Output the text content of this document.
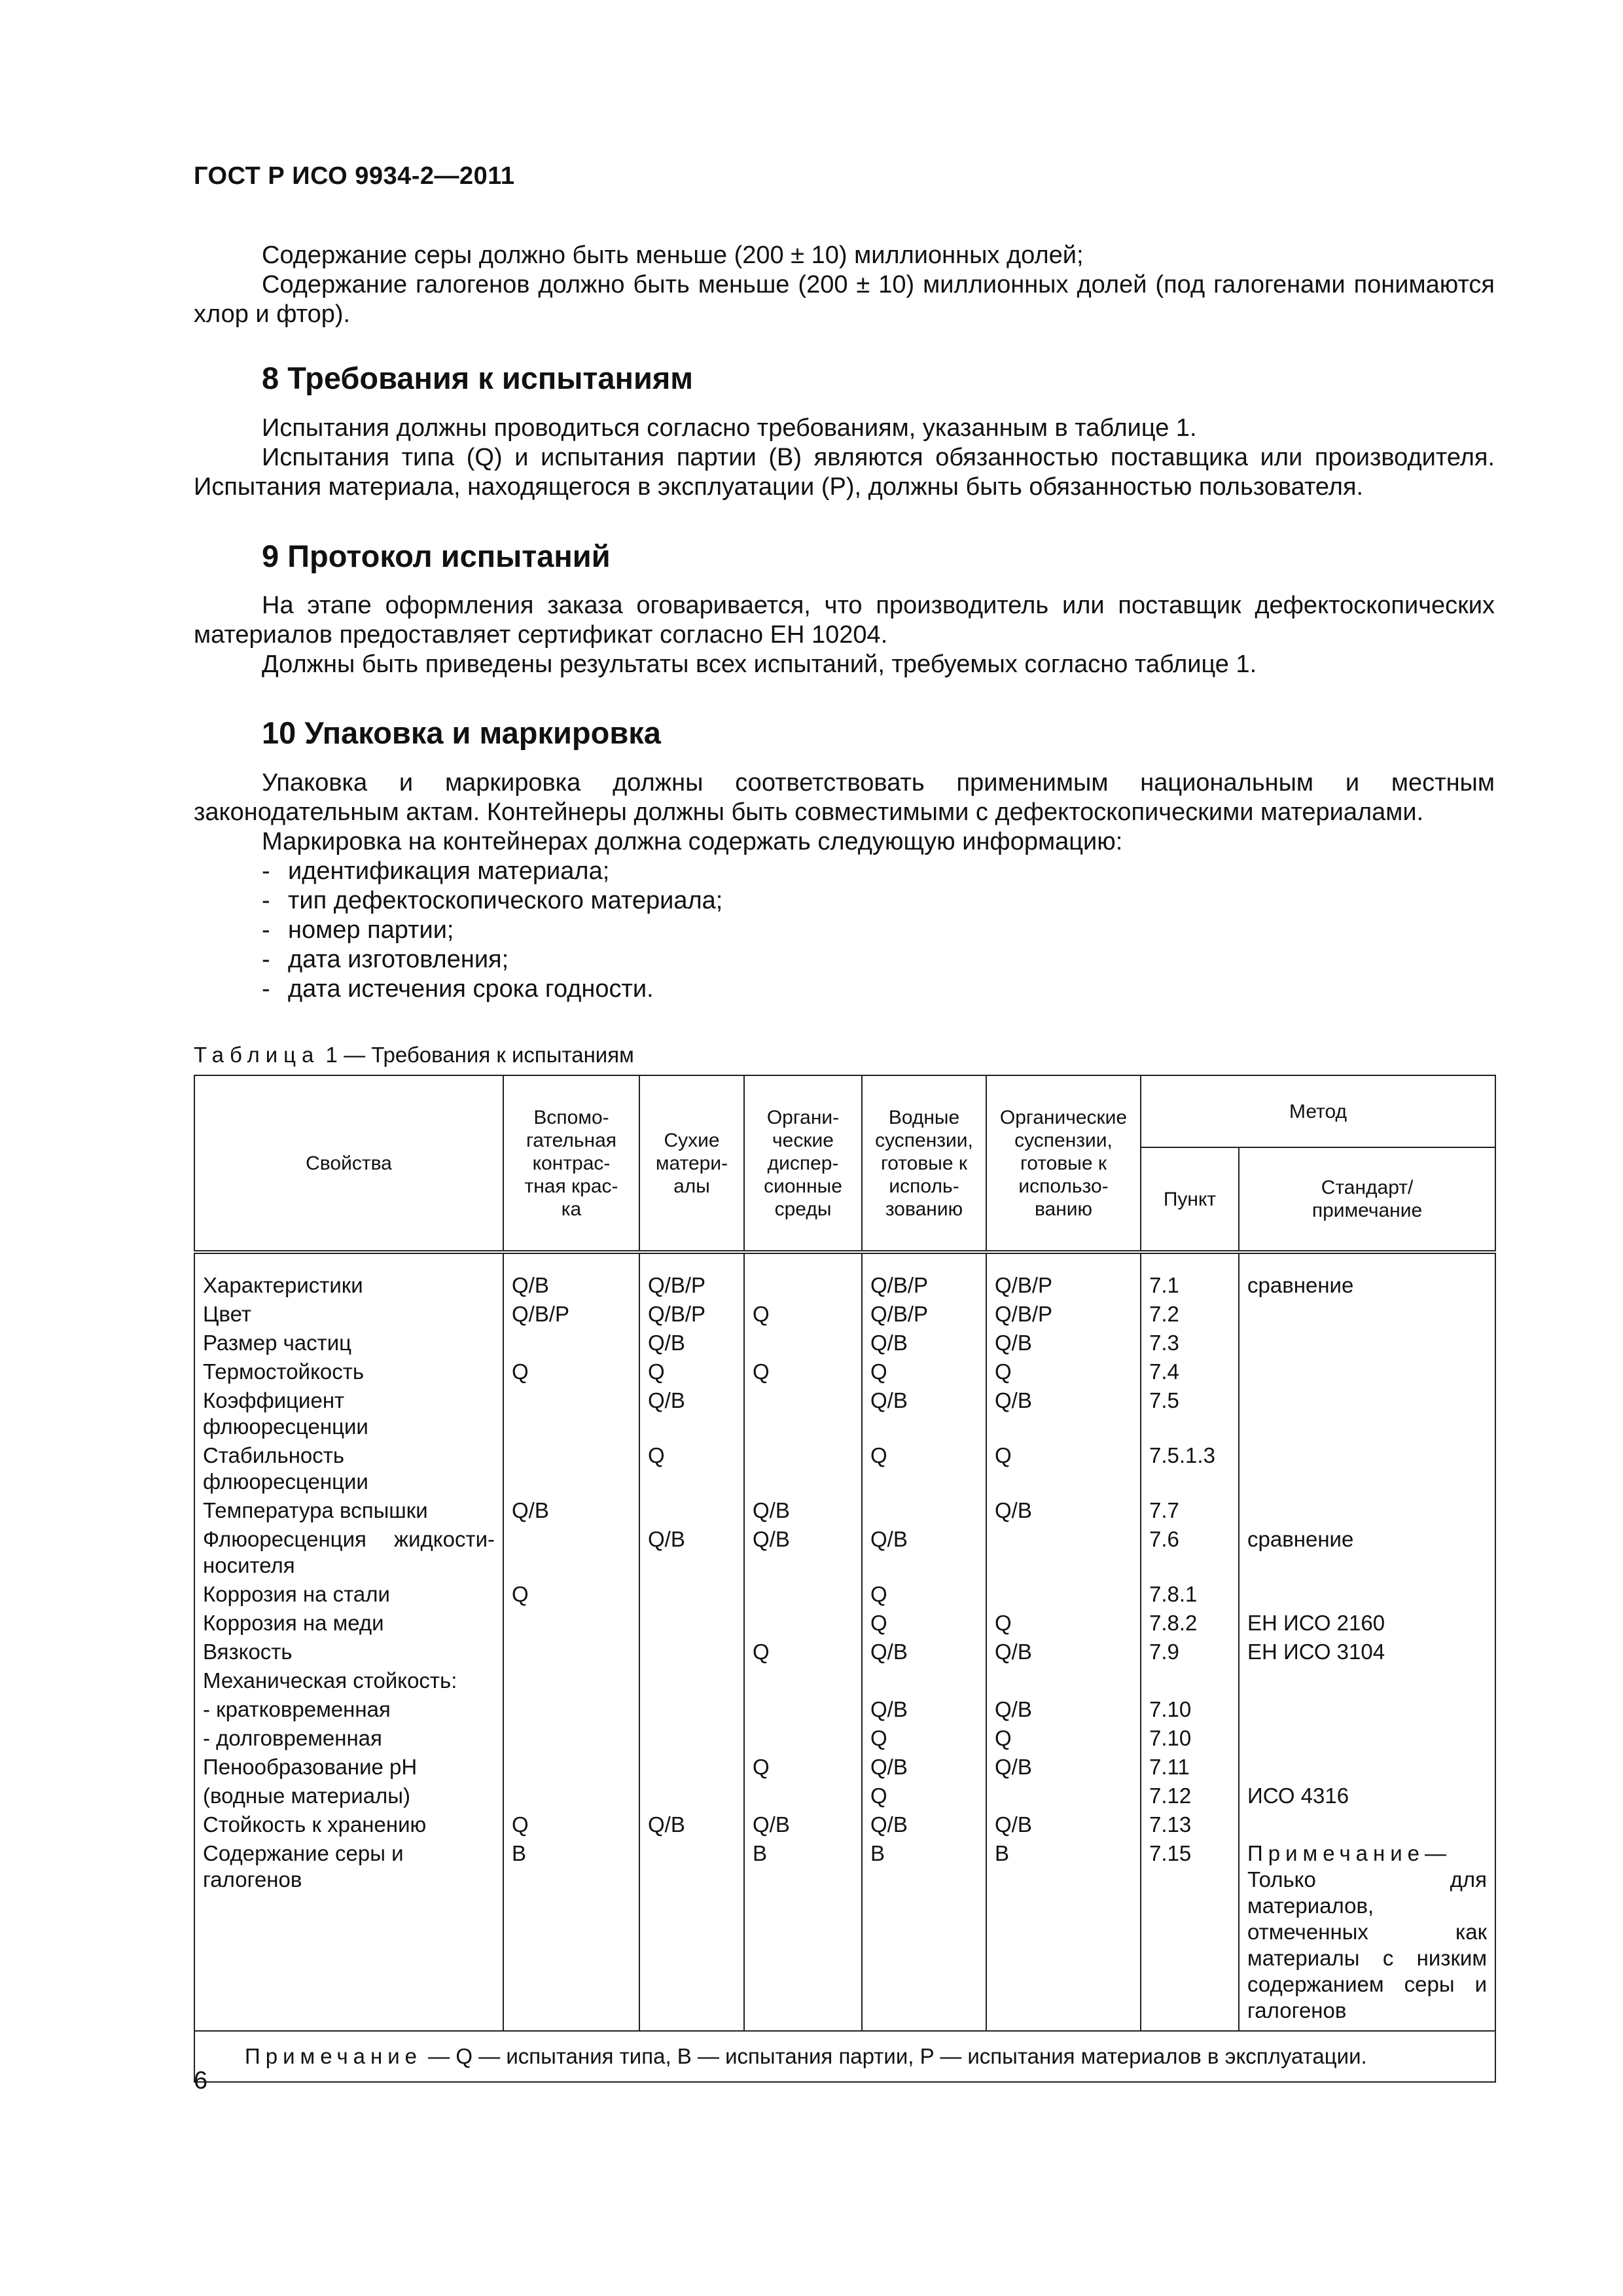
ГОСТ Р ИСО 9934-2—2011

Содержание серы должно быть меньше (200 ± 10) миллионных долей;

Содержание галогенов должно быть меньше (200 ± 10) миллионных долей (под галогенами понимаются хлор и фтор).

8 Требования к испытаниям

Испытания должны проводиться согласно требованиям, указанным в таблице 1.

Испытания типа (Q) и испытания партии (B) являются обязанностью поставщика или производителя. Испытания материала, находящегося в эксплуатации (P), должны быть обязанностью пользователя.

9 Протокол испытаний

На этапе оформления заказа оговаривается, что производитель или поставщик дефектоскопических материалов предоставляет сертификат согласно ЕН 10204.

Должны быть приведены результаты всех испытаний, требуемых согласно таблице 1.

10 Упаковка и маркировка

Упаковка и маркировка должны соответствовать применимым национальным и местным законодательным актам. Контейнеры должны быть совместимыми с дефектоскопическими материалами.

Маркировка на контейнерах должна содержать следующую информацию:

- идентификация материала;
- тип дефектоскопического материала;
- номер партии;
- дата изготовления;
- дата истечения срока годности.
Таблица 1 — Требования к испытаниям
Свойства	Вспомо-
гательная
контрас-
тная крас-
ка	Сухие
матери-
алы	Органи-
ческие
диспер-
сионные
среды	Водные
суспензии,
готовые к
исполь-
зованию	Органические
суспензии,
готовые к
использо-
ванию	Метод	
						Пункт	Стандарт/
примечание
Характеристики	Q/B	Q/B/P		Q/B/P	Q/B/P	7.1	сравнение
Цвет	Q/B/P	Q/B/P	Q	Q/B/P	Q/B/P	7.2	
Размер частиц		Q/B		Q/B	Q/B	7.3	
Термостойкость	Q	Q	Q	Q	Q	7.4	
Коэффициент флюоресценции		Q/B		Q/B	Q/B	7.5	
Стабильность флюоресценции		Q		Q	Q	7.5.1.3	
Температура вспышки	Q/B		Q/B		Q/B	7.7	
Флюоресценция жидкости-носителя		Q/B	Q/B	Q/B		7.6	сравнение
Коррозия на стали	Q			Q		7.8.1	
Коррозия на меди				Q	Q	7.8.2	ЕН ИСО 2160
Вязкость			Q	Q/B	Q/B	7.9	ЕН ИСО 3104
Механическая стойкость:							
- кратковременная				Q/B	Q/B	7.10	
- долговременная				Q	Q	7.10	
Пенообразование pH			Q	Q/B	Q/B	7.11	
(водные материалы)				Q		7.12	ИСО 4316
Стойкость к хранению	Q	Q/B	Q/B	Q/B	Q/B	7.13	
Содержание серы и галогенов	B		B	B	B	7.15	Примечание— Только для материалов, отмеченных как материалы с низким содержанием серы и галогенов
Примечание — Q — испытания типа, B — испытания партии, P — испытания материалов в эксплуатации.							
6
